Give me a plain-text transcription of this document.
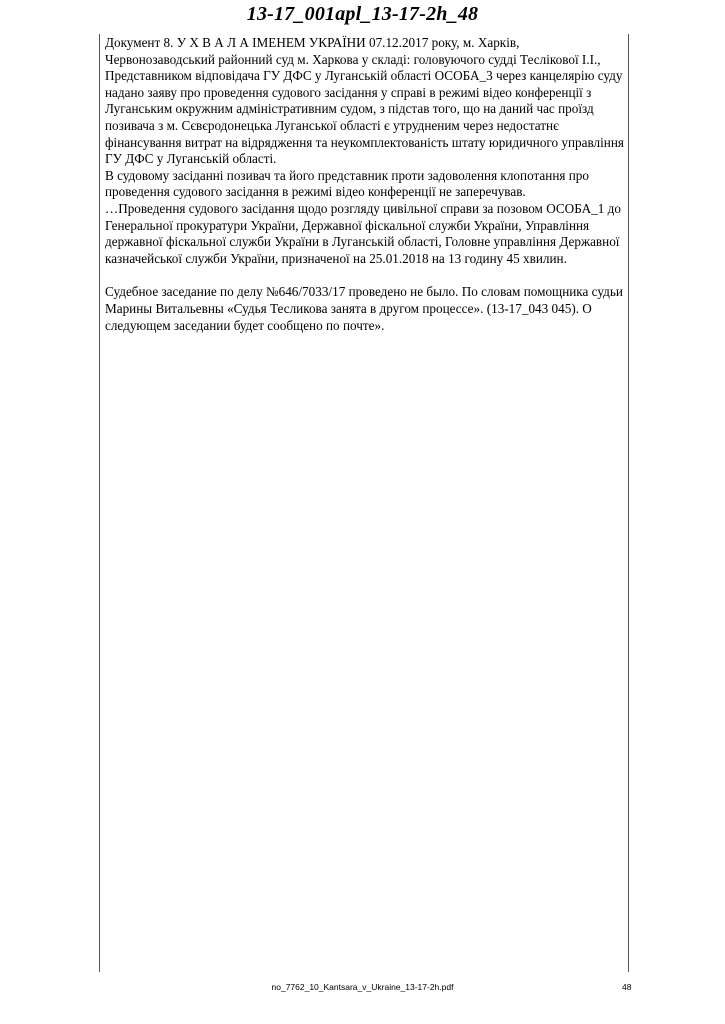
13-17_001apl_13-17-2h_48

Документ 8. У Х В А Л А ІМЕНЕМ УКРАЇНИ 07.12.2017 року, м. Харків, Червонозаводський районний суд м. Харкова у складі: головуючого судді Теслікової І.І.,

Представником відповідача ГУ ДФС у Луганській області ОСОБА_3 через канцелярію суду надано заяву про проведення судового засідання у справі в режимі відео конференції з Луганським окружним адміністративним судом, з підстав того, що на даний час проїзд позивача з м. Сєвєродонецька Луганської області є утрудненим через недостатнє фінансування витрат на відрядження та неукомплектованість штату юридичного управління ГУ ДФС у Луганській області.

В судовому засіданні позивач та його представник проти задоволення клопотання про проведення судового засідання в режимі відео конференції не заперечував.

…Проведення судового засідання щодо розгляду цивільної справи за позовом ОСОБА_1 до Генеральної прокуратури України, Державної фіскальної служби України, Управління державної фіскальної служби України в Луганській області, Головне управління Державної казначейської служби України, призначеної на 25.01.2018 на 13 годину 45 хвилин.

Судебное заседание по делу №646/7033/17 проведено не было. По словам помощника судьи Марины Витальевны «Судья Тесликова занята в другом процессе». (13-17_043 045). О следующем заседании будет сообщено по почте».

no_7762_10_Kantsara_v_Ukraine_13-17-2h.pdf	48
